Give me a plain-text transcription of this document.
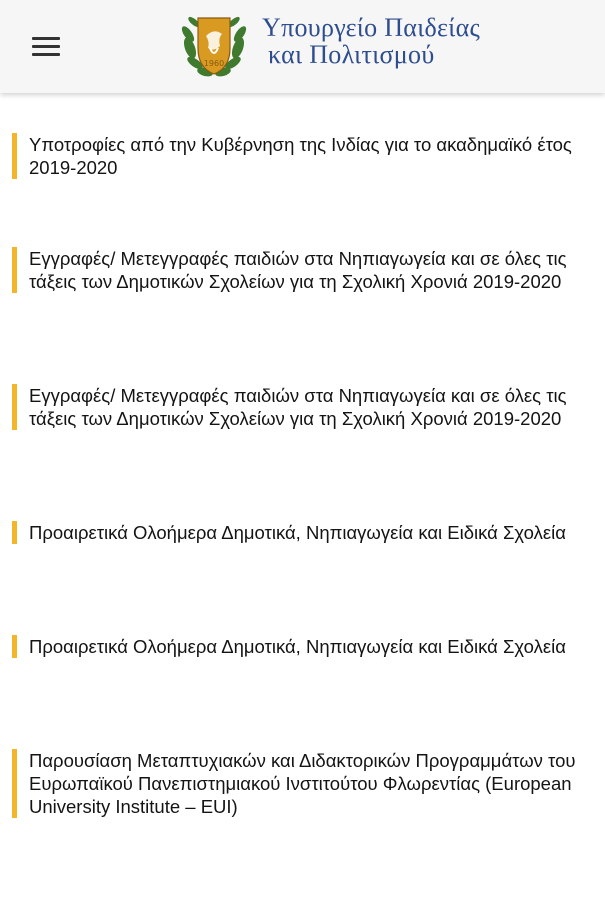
1960
Υπουργείο Παιδείας
και Πολιτισμού
Υποτροφίες από την Κυβέρνηση της Ινδίας για το ακαδημαϊκό έτος 2019-2020
Εγγραφές/ Μετεγγραφές παιδιών στα Νηπιαγωγεία και σε όλες τις τάξεις των Δημοτικών Σχολείων για τη Σχολική Χρονιά 2019-2020
Εγγραφές/ Μετεγγραφές παιδιών στα Νηπιαγωγεία και σε όλες τις τάξεις των Δημοτικών Σχολείων για τη Σχολική Χρονιά 2019-2020
Προαιρετικά Ολοήμερα Δημοτικά, Νηπιαγωγεία και Ειδικά Σχολεία
Προαιρετικά Ολοήμερα Δημοτικά, Νηπιαγωγεία και Ειδικά Σχολεία
Παρουσίαση Μεταπτυχιακών και Διδακτορικών Προγραμμάτων του Ευρωπαϊκού Πανεπιστημιακού Ινστιτούτου Φλωρεντίας (European University Institute – EUI)
